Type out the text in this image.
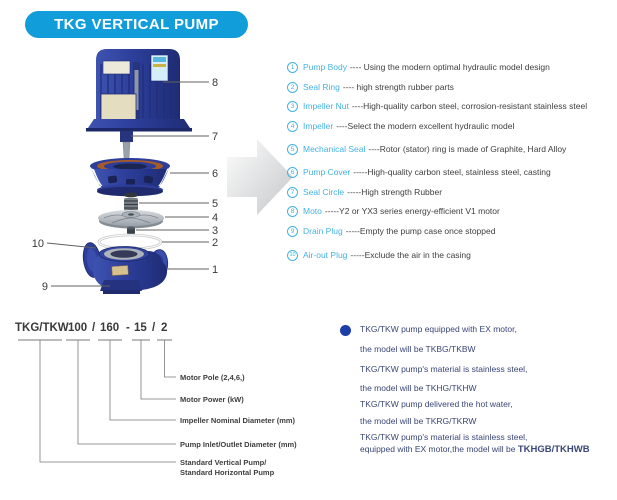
TKG VERTICAL PUMP
8
7
6
5
4
3
2
1
10
9
1	Pump Body ---- Using the modern optimal hydraulic model design
2	Seal Ring ---- high strength rubber parts
3	Impeller Nut ----High-quality carbon steel, corrosion-resistant stainless steel
4	Impeller ----Select the modern excellent hydraulic model
5	Mechanical Seal ----Rotor (stator) ring is made of Graphite, Hard Alloy
6	Pump Cover -----High-quality carbon steel, stainless steel, casting
7	Seal Circle -----High strength Rubber
8	Moto -----Y2 or YX3 series energy-efficient V1 motor
9	Drain Plug -----Empty the pump case once stopped
10 Air-out Plug -----Exclude the air in the casing
TKG/TKW 100 / 160 - 15 / 2
Motor Pole (2,4,6,)
Motor Power (kW)
Impeller Nominal Diameter (mm)
Pump Inlet/Outlet Diameter (mm)
Standard Vertical Pump/
Standard Horizontal Pump
TKG/TKW pump equipped with EX motor,
the model will be TKBG/TKBW
TKG/TKW pump's material is stainless steel,
the model will be TKHG/TKHW
TKG/TKW pump delivered the hot water,
the model will be TKRG/TKRW
TKG/TKW pump's material is stainless steel,
equipped with EX motor,the model will be TKHGB/TKHWB
